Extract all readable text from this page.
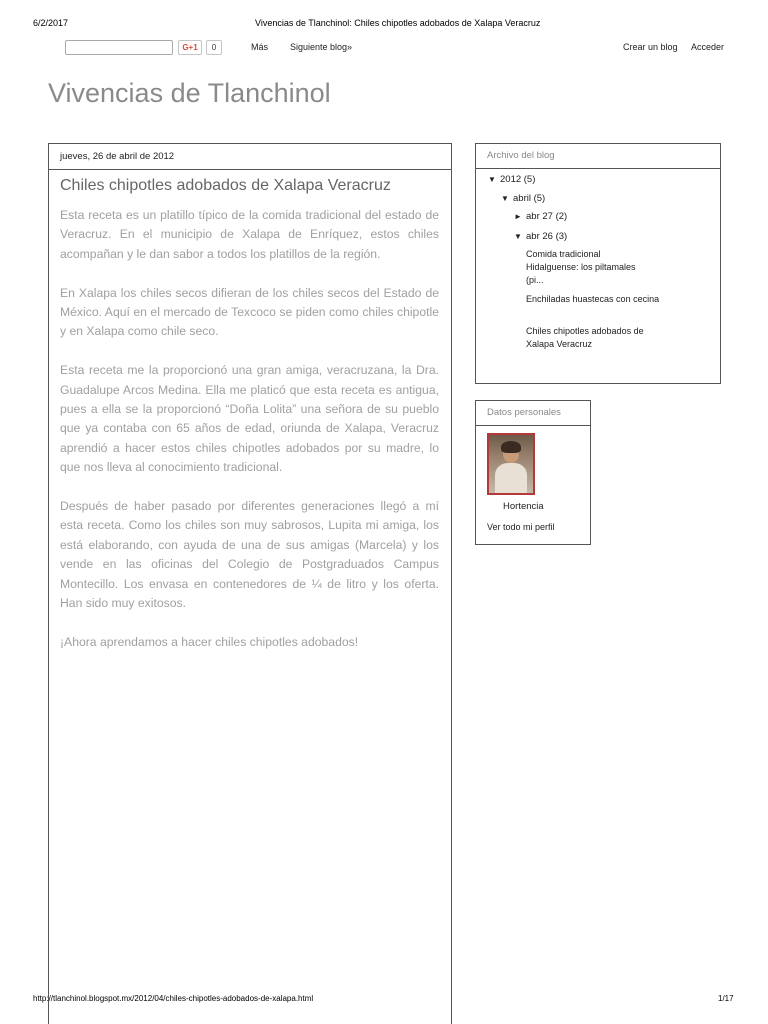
6/2/2017	Vivencias de Tlanchinol: Chiles chipotles adobados de Xalapa Veracruz
G+1	0	Más Siguiente blog»	Crear un blog Acceder
Vivencias de Tlanchinol
jueves, 26 de abril de 2012
Chiles chipotles adobados de Xalapa Veracruz

Esta receta es un platillo típico de la comida tradicional del estado de Veracruz. En el municipio de Xalapa de Enríquez, estos chiles acompañan y le dan sabor a todos los platillos de la región.

En Xalapa los chiles secos difieran de los chiles secos del Estado de México. Aquí en el mercado de Texcoco se piden como chiles chipotle y en Xalapa como chile seco.

Esta receta me la proporcionó una gran amiga, veracruzana, la Dra. Guadalupe Arcos Medina. Ella me platicó que esta receta es antigua, pues a ella se la proporcionó “Doña Lolita” una señora de su pueblo que ya contaba con 65 años de edad, oriunda de Xalapa, Veracruz aprendió a hacer estos chiles chipotles adobados por su madre, lo que nos lleva al conocimiento tradicional.

Después de haber pasado por diferentes generaciones llegó a mí esta receta. Como los chiles son muy sabrosos, Lupita mi amiga, los está elaborando, con ayuda de una de sus amigas (Marcela) y los vende en las oficinas del Colegio de Postgraduados Campus Montecillo. Los envasa en contenedores de ¼ de litro y los oferta. Han sido muy exitosos.

¡Ahora aprendamos a hacer chiles chipotles adobados!

Archivo del blog
▼ 2012 (5)
▼ abril (5)
► abr 27 (2)
▼ abr 26 (3)
Comida tradicional Hidalguense: los piltamales (pi...
Enchiladas huastecas con cecina
Chiles chipotles adobados de Xalapa Veracruz
Datos personales
Hortencia
Ver todo mi perfil
http://tlanchinol.blogspot.mx/2012/04/chiles-chipotles-adobados-de-xalapa.html	1/17
